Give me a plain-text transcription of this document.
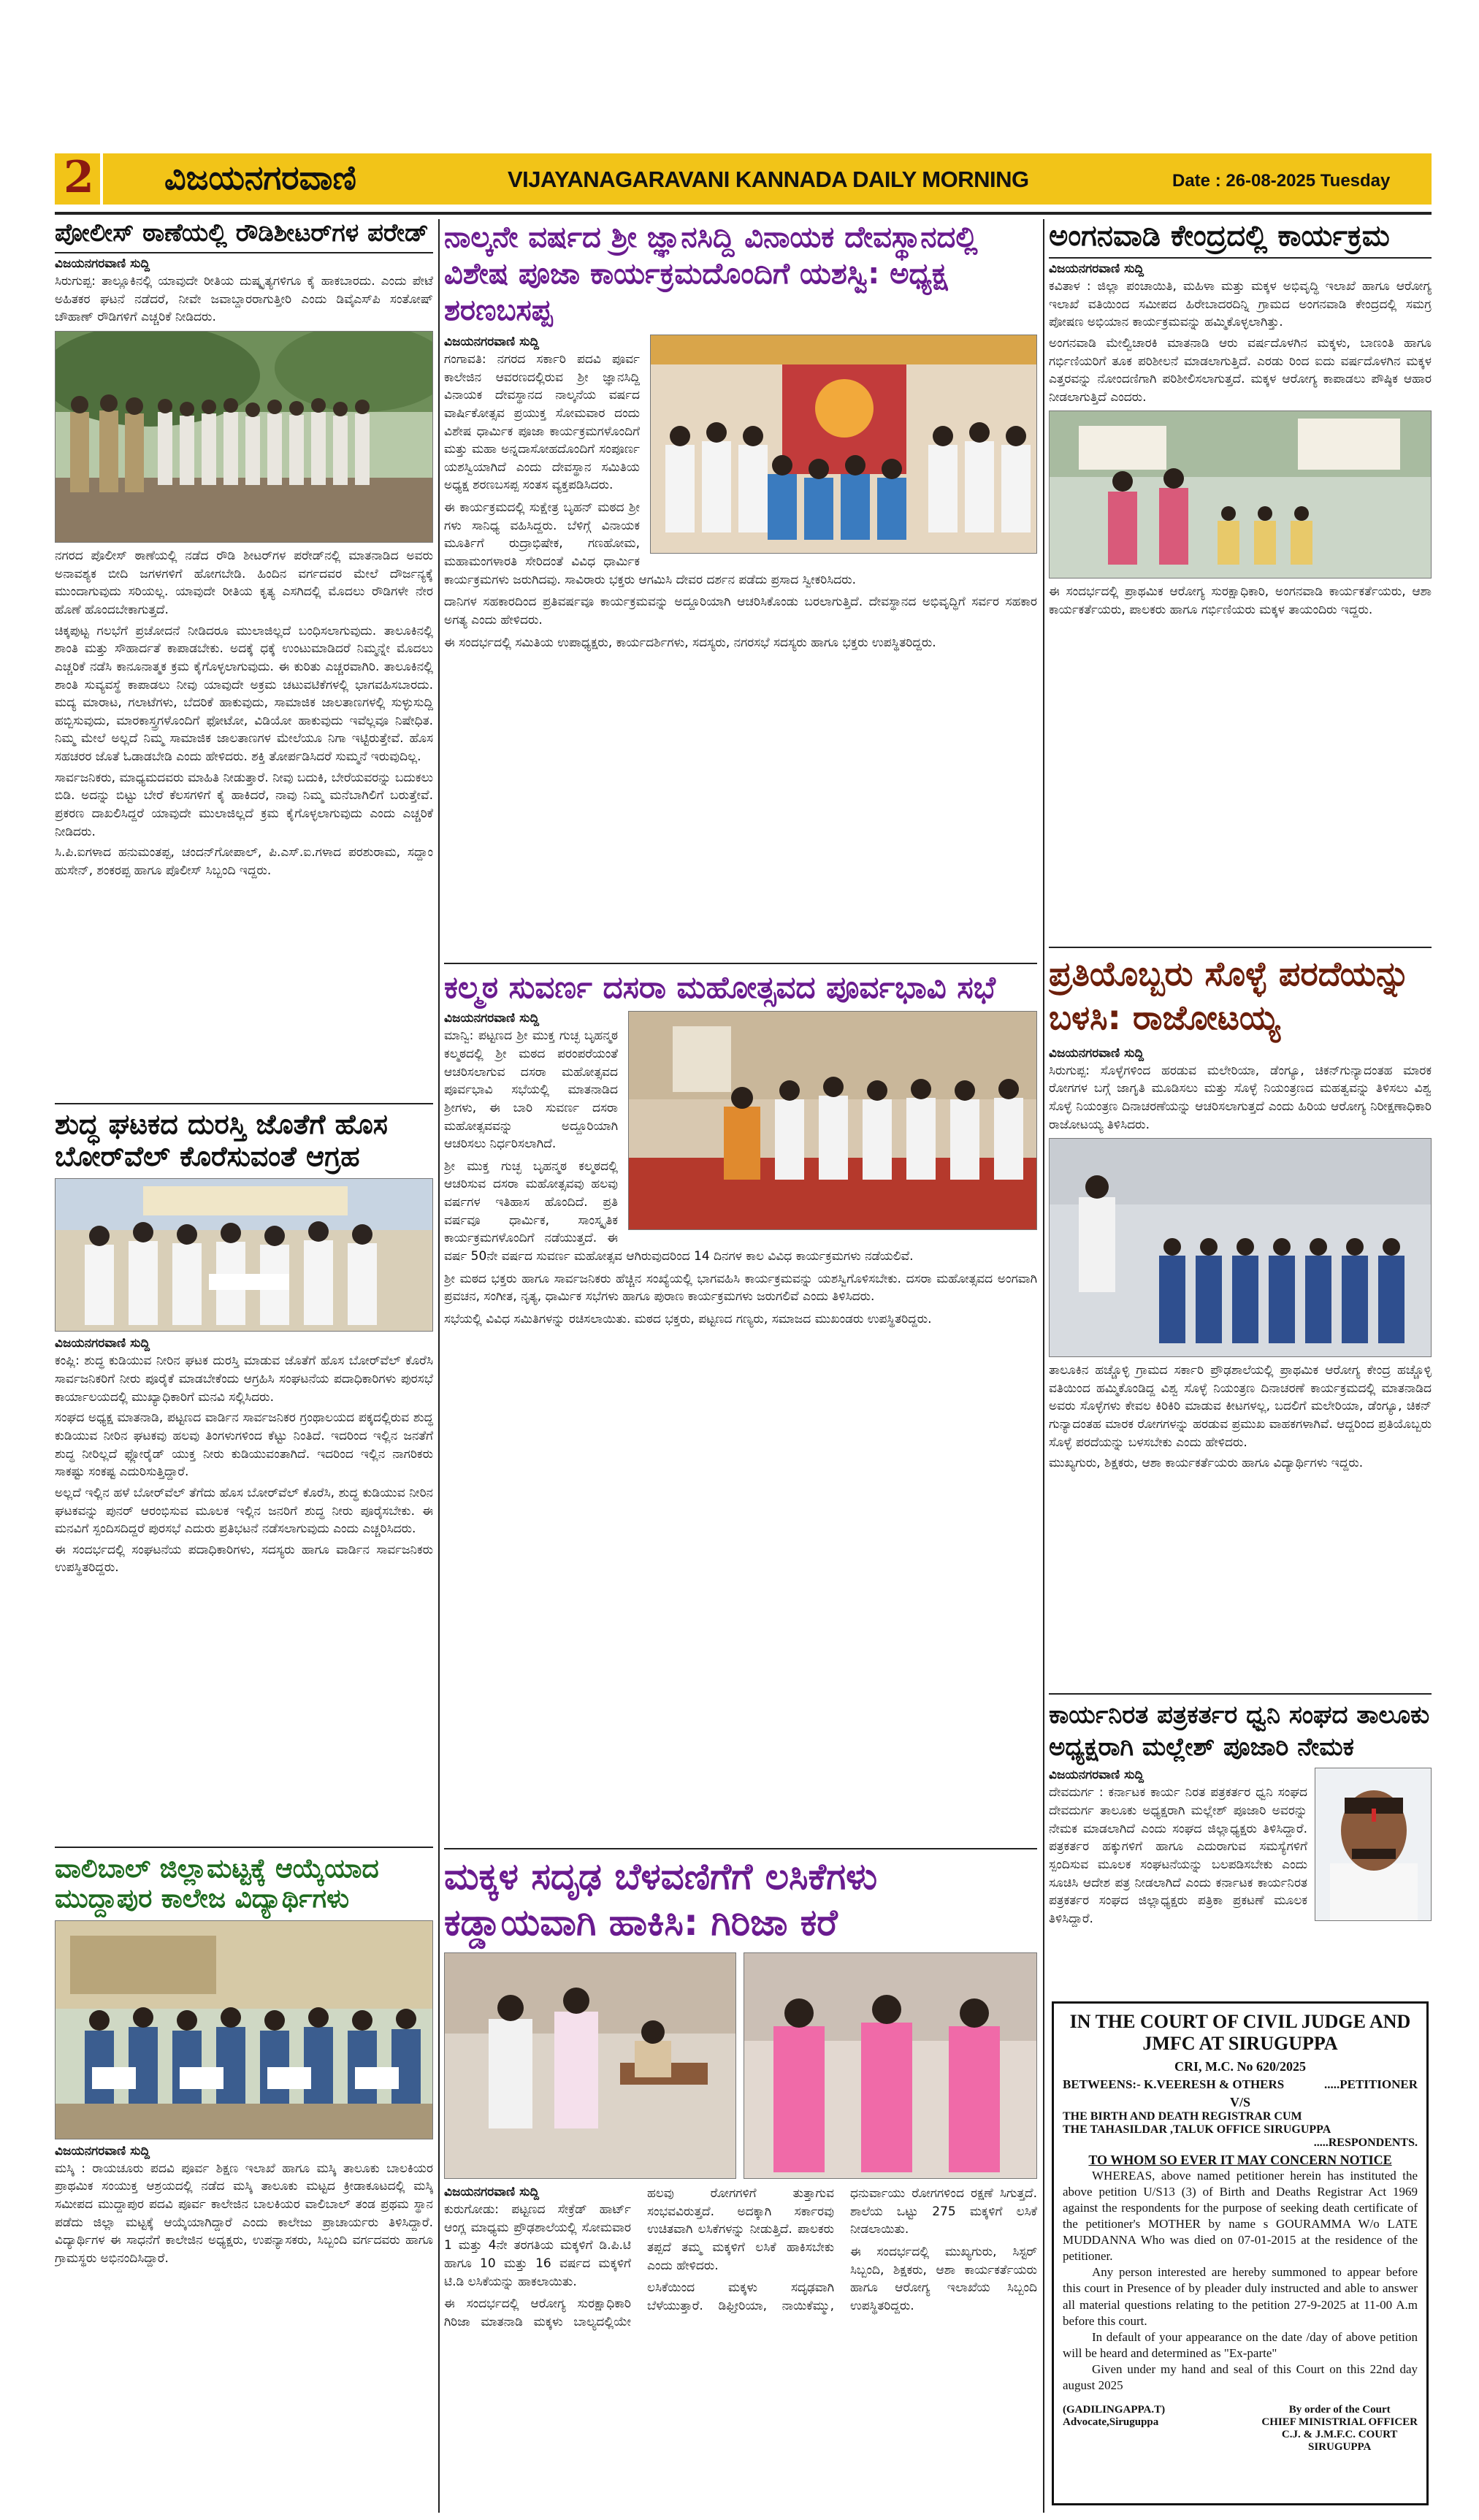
2 ವಿಜಯನಗರವಾಣಿ	VIJAYANAGARAVANI KANNADA DAILY MORNING	Date : 26-08-2025 Tuesday
ಪೋಲೀಸ್ ಠಾಣೆಯಲ್ಲಿ ರೌಡಿಶೀಟರ್‌ಗಳ ಪರೇಡ್
ವಿಜಯನಗರವಾಣಿ ಸುದ್ದಿ

ಸಿರುಗುಪ್ಪ: ತಾಲ್ಲೂಕಿನಲ್ಲಿ ಯಾವುದೇ ರೀತಿಯ ದುಷ್ಕೃತ್ಯಗಳಿಗೂ ಕೈ ಹಾಕಬಾರದು. ಎಂದು ಪೇಟೆ ಅಹಿತಕರ ಘಟನೆ ನಡೆದರೆ, ನೀವೇ ಜವಾಬ್ದಾರರಾಗುತ್ತೀರಿ ಎಂದು ಡಿವೈಎಸ್‌ಪಿ ಸಂತೋಷ್ ಚೌಹಾಣ್ ರೌಡಿಗಳಿಗೆ ಎಚ್ಚರಿಕೆ ನೀಡಿದರು.

ನಗರದ ಪೊಲೀಸ್ ಠಾಣೆಯಲ್ಲಿ ನಡೆದ ರೌಡಿ ಶೀಟರ್‌ಗಳ ಪರೇಡ್‌ನಲ್ಲಿ ಮಾತನಾಡಿದ ಅವರು ಅನಾವಶ್ಯಕ ಬೀದಿ ಜಗಳಗಳಿಗೆ ಹೋಗಬೇಡಿ. ಹಿಂದಿನ ವರ್ಗದವರ ಮೇಲೆ ದೌರ್ಜನ್ಯಕ್ಕೆ ಮುಂದಾಗುವುದು ಸರಿಯಲ್ಲ. ಯಾವುದೇ ರೀತಿಯ ಕೃತ್ಯ ಎಸಗಿದಲ್ಲಿ ಮೊದಲು ರೌಡಿಗಳೇ ನೇರ ಹೊಣೆ ಹೊಂದಬೇಕಾಗುತ್ತದೆ.

ಚಿಕ್ಕಪುಟ್ಟ ಗಲಭೆಗೆ ಪ್ರಚೋದನೆ ನೀಡಿದರೂ ಮುಲಾಜಿಲ್ಲದೆ ಬಂಧಿಸಲಾಗುವುದು. ತಾಲೂಕಿನಲ್ಲಿ ಶಾಂತಿ ಮತ್ತು ಸೌಹಾರ್ದತೆ ಕಾಪಾಡಬೇಕು. ಅದಕ್ಕೆ ಧಕ್ಕೆ ಉಂಟುಮಾಡಿದರೆ ನಿಮ್ಮನ್ನೇ ಮೊದಲು ಎಚ್ಚರಿಕೆ ನಡೆಸಿ ಕಾನೂನಾತ್ಮಕ ಕ್ರಮ ಕೈಗೊಳ್ಳಲಾಗುವುದು. ಈ ಕುರಿತು ಎಚ್ಚರವಾಗಿರಿ. ತಾಲೂಕಿನಲ್ಲಿ ಶಾಂತಿ ಸುವ್ಯವಸ್ಥೆ ಕಾಪಾಡಲು ನೀವು ಯಾವುದೇ ಅಕ್ರಮ ಚಟುವಟಿಕೆಗಳಲ್ಲಿ ಭಾಗವಹಿಸಬಾರದು. ಮದ್ಯ ಮಾರಾಟ, ಗಲಾಟೆಗಳು, ಬೆದರಿಕೆ ಹಾಕುವುದು, ಸಾಮಾಜಿಕ ಜಾಲತಾಣಗಳಲ್ಲಿ ಸುಳ್ಳುಸುದ್ದಿ ಹಬ್ಬಿಸುವುದು, ಮಾರಕಾಸ್ತ್ರಗಳೊಂದಿಗೆ ಫೋಟೋ, ವಿಡಿಯೋ ಹಾಕುವುದು ಇವೆಲ್ಲವೂ ನಿಷೇಧಿತ. ನಿಮ್ಮ ಮೇಲೆ ಅಲ್ಲದೆ ನಿಮ್ಮ ಸಾಮಾಜಿಕ ಜಾಲತಾಣಗಳ ಮೇಲೆಯೂ ನಿಗಾ ಇಟ್ಟಿರುತ್ತೇವೆ. ಹೊಸ ಸಹಚರರ ಜೊತೆ ಓಡಾಡಬೇಡಿ ಎಂದು ಹೇಳಿದರು. ಶಕ್ತಿ ತೋರ್ಪಡಿಸಿದರೆ ಸುಮ್ಮನೆ ಇರುವುದಿಲ್ಲ.

ಸಾರ್ವಜನಿಕರು, ಮಾಧ್ಯಮದವರು ಮಾಹಿತಿ ನೀಡುತ್ತಾರೆ. ನೀವು ಬದುಕಿ, ಬೇರೆಯವರನ್ನು ಬದುಕಲು ಬಿಡಿ. ಅದನ್ನು ಬಿಟ್ಟು ಬೇರೆ ಕೆಲಸಗಳಿಗೆ ಕೈ ಹಾಕಿದರೆ, ನಾವು ನಿಮ್ಮ ಮನೆಬಾಗಿಲಿಗೆ ಬರುತ್ತೇವೆ. ಪ್ರಕರಣ ದಾಖಲಿಸಿದ್ದರೆ ಯಾವುದೇ ಮುಲಾಜಿಲ್ಲದೆ ಕ್ರಮ ಕೈಗೊಳ್ಳಲಾಗುವುದು ಎಂದು ಎಚ್ಚರಿಕೆ ನೀಡಿದರು.

ಸಿ.ಪಿ.ಐಗಳಾದ ಹನುಮಂತಪ್ಪ, ಚಂದನ್‌ಗೋಪಾಲ್, ಪಿ.ಎಸ್.ಐ.ಗಳಾದ ಪರಶುರಾಮ, ಸದ್ದಾಂ ಹುಸೇನ್, ಶಂಕರಪ್ಪ ಹಾಗೂ ಪೊಲೀಸ್ ಸಿಬ್ಬಂದಿ ಇದ್ದರು.

ಶುದ್ಧ ಘಟಕದ ದುರಸ್ತಿ ಜೊತೆಗೆ ಹೊಸ ಬೋರ್‌ವೆಲ್ ಕೊರೆಸುವಂತೆ ಆಗ್ರಹ
ವಿಜಯನಗರವಾಣಿ ಸುದ್ದಿ

ಕಂಪ್ಲಿ: ಶುದ್ಧ ಕುಡಿಯುವ ನೀರಿನ ಘಟಕ ದುರಸ್ತಿ ಮಾಡುವ ಜೊತೆಗೆ ಹೊಸ ಬೋರ್‌ವೆಲ್ ಕೊರೆಸಿ ಸಾರ್ವಜನಿಕರಿಗೆ ನೀರು ಪೂರೈಕೆ ಮಾಡಬೇಕೆಂದು ಆಗ್ರಹಿಸಿ ಸಂಘಟನೆಯ ಪದಾಧಿಕಾರಿಗಳು ಪುರಸಭೆ ಕಾರ್ಯಾಲಯದಲ್ಲಿ ಮುಖ್ಯಾಧಿಕಾರಿಗೆ ಮನವಿ ಸಲ್ಲಿಸಿದರು.

ಸಂಘದ ಅಧ್ಯಕ್ಷ ಮಾತನಾಡಿ, ಪಟ್ಟಣದ ವಾರ್ಡಿನ ಸಾರ್ವಜನಿಕರ ಗ್ರಂಥಾಲಯದ ಪಕ್ಕದಲ್ಲಿರುವ ಶುದ್ಧ ಕುಡಿಯುವ ನೀರಿನ ಘಟಕವು ಹಲವು ತಿಂಗಳುಗಳಿಂದ ಕೆಟ್ಟು ನಿಂತಿದೆ. ಇದರಿಂದ ಇಲ್ಲಿನ ಜನತೆಗೆ ಶುದ್ಧ ನೀರಿಲ್ಲದೆ ಫ್ಲೋರೈಡ್ ಯುಕ್ತ ನೀರು ಕುಡಿಯುವಂತಾಗಿದೆ. ಇದರಿಂದ ಇಲ್ಲಿನ ನಾಗರಿಕರು ಸಾಕಷ್ಟು ಸಂಕಷ್ಟ ಎದುರಿಸುತ್ತಿದ್ದಾರೆ.

ಅಲ್ಲದೆ ಇಲ್ಲಿನ ಹಳೆ ಬೋರ್‌ವೆಲ್ ತೆಗೆದು ಹೊಸ ಬೋರ್‌ವೆಲ್ ಕೊರೆಸಿ, ಶುದ್ಧ ಕುಡಿಯುವ ನೀರಿನ ಘಟಕವನ್ನು ಪುನರ್ ಆರಂಭಿಸುವ ಮೂಲಕ ಇಲ್ಲಿನ ಜನರಿಗೆ ಶುದ್ಧ ನೀರು ಪೂರೈಸಬೇಕು. ಈ ಮನವಿಗೆ ಸ್ಪಂದಿಸದಿದ್ದರೆ ಪುರಸಭೆ ಎದುರು ಪ್ರತಿಭಟನೆ ನಡೆಸಲಾಗುವುದು ಎಂದು ಎಚ್ಚರಿಸಿದರು.

ಈ ಸಂದರ್ಭದಲ್ಲಿ ಸಂಘಟನೆಯ ಪದಾಧಿಕಾರಿಗಳು, ಸದಸ್ಯರು ಹಾಗೂ ವಾರ್ಡಿನ ಸಾರ್ವಜನಿಕರು ಉಪಸ್ಥಿತರಿದ್ದರು.

ವಾಲಿಬಾಲ್ ಜಿಲ್ಲಾಮಟ್ಟಕ್ಕೆ ಆಯ್ಕೆಯಾದ ಮುದ್ದಾಪುರ ಕಾಲೇಜ ವಿದ್ಯಾರ್ಥಿಗಳು
ವಿಜಯನಗರವಾಣಿ ಸುದ್ದಿ

ಮಸ್ಕಿ : ರಾಯಚೂರು ಪದವಿ ಪೂರ್ವ ಶಿಕ್ಷಣ ಇಲಾಖೆ ಹಾಗೂ ಮಸ್ಕಿ ತಾಲೂಕು ಬಾಲಕಿಯರ ಪ್ರಾಥಮಿಕ ಸಂಯುಕ್ತ ಆಶ್ರಯದಲ್ಲಿ ನಡೆದ ಮಸ್ಕಿ ತಾಲೂಕು ಮಟ್ಟದ ಕ್ರೀಡಾಕೂಟದಲ್ಲಿ ಮಸ್ಕಿ ಸಮೀಪದ ಮುದ್ದಾಪುರ ಪದವಿ ಪೂರ್ವ ಕಾಲೇಜಿನ ಬಾಲಕಿಯರ ವಾಲಿಬಾಲ್ ತಂಡ ಪ್ರಥಮ ಸ್ಥಾನ ಪಡೆದು ಜಿಲ್ಲಾ ಮಟ್ಟಕ್ಕೆ ಆಯ್ಕೆಯಾಗಿದ್ದಾರೆ ಎಂದು ಕಾಲೇಜು ಪ್ರಾಚಾರ್ಯರು ತಿಳಿಸಿದ್ದಾರೆ. ವಿದ್ಯಾರ್ಥಿಗಳ ಈ ಸಾಧನೆಗೆ ಕಾಲೇಜಿನ ಅಧ್ಯಕ್ಷರು, ಉಪನ್ಯಾಸಕರು, ಸಿಬ್ಬಂದಿ ವರ್ಗದವರು ಹಾಗೂ ಗ್ರಾಮಸ್ಥರು ಅಭಿನಂದಿಸಿದ್ದಾರೆ.

ನಾಲ್ಕನೇ ವರ್ಷದ ಶ್ರೀ ಜ್ಞಾನಸಿದ್ದಿ ವಿನಾಯಕ ದೇವಸ್ಥಾನದಲ್ಲಿ ವಿಶೇಷ ಪೂಜಾ ಕಾರ್ಯಕ್ರಮದೊಂದಿಗೆ ಯಶಸ್ವಿ: ಅಧ್ಯಕ್ಷ ಶರಣಬಸಪ್ಪ
ವಿಜಯನಗರವಾಣಿ ಸುದ್ದಿ

ಗಂಗಾವತಿ: ನಗರದ ಸರ್ಕಾರಿ ಪದವಿ ಪೂರ್ವ ಕಾಲೇಜಿನ ಆವರಣದಲ್ಲಿರುವ ಶ್ರೀ ಜ್ಞಾನಸಿದ್ದಿ ವಿನಾಯಕ ದೇವಸ್ಥಾನದ ನಾಲ್ಕನೆಯ ವರ್ಷದ ವಾರ್ಷಿಕೋತ್ಸವ ಪ್ರಯುಕ್ತ ಸೋಮವಾರ ದಂದು ವಿಶೇಷ ಧಾರ್ಮಿಕ ಪೂಜಾ ಕಾರ್ಯಕ್ರಮಗಳೊಂದಿಗೆ ಮತ್ತು ಮಹಾ ಅನ್ನದಾಸೋಹದೊಂದಿಗೆ ಸಂಪೂರ್ಣ ಯಶಸ್ವಿಯಾಗಿದೆ ಎಂದು ದೇವಸ್ಥಾನ ಸಮಿತಿಯ ಅಧ್ಯಕ್ಷ ಶರಣಬಸಪ್ಪ ಸಂತಸ ವ್ಯಕ್ತಪಡಿಸಿದರು.

ಈ ಕಾರ್ಯಕ್ರಮದಲ್ಲಿ ಸುಕ್ಷೇತ್ರ ಬೃಹನ್ ಮಠದ ಶ್ರೀ ಗಳು ಸಾನಿಧ್ಯ ವಹಿಸಿದ್ದರು. ಬೆಳಿಗ್ಗೆ ವಿನಾಯಕ ಮೂರ್ತಿಗೆ ರುದ್ರಾಭಿಷೇಕ, ಗಣಹೋಮ, ಮಹಾಮಂಗಳಾರತಿ ಸೇರಿದಂತೆ ವಿವಿಧ ಧಾರ್ಮಿಕ ಕಾರ್ಯಕ್ರಮಗಳು ಜರುಗಿದವು. ಸಾವಿರಾರು ಭಕ್ತರು ಆಗಮಿಸಿ ದೇವರ ದರ್ಶನ ಪಡೆದು ಪ್ರಸಾದ ಸ್ವೀಕರಿಸಿದರು.

ದಾನಿಗಳ ಸಹಕಾರದಿಂದ ಪ್ರತಿವರ್ಷವೂ ಕಾರ್ಯಕ್ರಮವನ್ನು ಅದ್ದೂರಿಯಾಗಿ ಆಚರಿಸಿಕೊಂಡು ಬರಲಾಗುತ್ತಿದೆ. ದೇವಸ್ಥಾನದ ಅಭಿವೃದ್ಧಿಗೆ ಸರ್ವರ ಸಹಕಾರ ಅಗತ್ಯ ಎಂದು ಹೇಳಿದರು.

ಈ ಸಂದರ್ಭದಲ್ಲಿ ಸಮಿತಿಯ ಉಪಾಧ್ಯಕ್ಷರು, ಕಾರ್ಯದರ್ಶಿಗಳು, ಸದಸ್ಯರು, ನಗರಸಭೆ ಸದಸ್ಯರು ಹಾಗೂ ಭಕ್ತರು ಉಪಸ್ಥಿತರಿದ್ದರು.

ಕಲ್ಮಠ ಸುವರ್ಣ ದಸರಾ ಮಹೋತ್ಸವದ ಪೂರ್ವಭಾವಿ ಸಭೆ
ವಿಜಯನಗರವಾಣಿ ಸುದ್ದಿ

ಮಾನ್ವಿ: ಪಟ್ಟಣದ ಶ್ರೀ ಮುಕ್ತ ಗುಚ್ಛ ಬೃಹನ್ಮಠ ಕಲ್ಮಠದಲ್ಲಿ ಶ್ರೀ ಮಠದ ಪರಂಪರೆಯಂತೆ ಆಚರಿಸಲಾಗುವ ದಸರಾ ಮಹೋತ್ಸವದ ಪೂರ್ವಭಾವಿ ಸಭೆಯಲ್ಲಿ ಮಾತನಾಡಿದ ಶ್ರೀಗಳು, ಈ ಬಾರಿ ಸುವರ್ಣ ದಸರಾ ಮಹೋತ್ಸವವನ್ನು ಅದ್ದೂರಿಯಾಗಿ ಆಚರಿಸಲು ನಿರ್ಧರಿಸಲಾಗಿದೆ.

ಶ್ರೀ ಮುಕ್ತ ಗುಚ್ಛ ಬೃಹನ್ಮಠ ಕಲ್ಮಠದಲ್ಲಿ ಆಚರಿಸುವ ದಸರಾ ಮಹೋತ್ಸವವು ಹಲವು ವರ್ಷಗಳ ಇತಿಹಾಸ ಹೊಂದಿದೆ. ಪ್ರತಿ ವರ್ಷವೂ ಧಾರ್ಮಿಕ, ಸಾಂಸ್ಕೃತಿಕ ಕಾರ್ಯಕ್ರಮಗಳೊಂದಿಗೆ ನಡೆಯುತ್ತದೆ. ಈ ವರ್ಷ 50ನೇ ವರ್ಷದ ಸುವರ್ಣ ಮಹೋತ್ಸವ ಆಗಿರುವುದರಿಂದ 14 ದಿನಗಳ ಕಾಲ ವಿವಿಧ ಕಾರ್ಯಕ್ರಮಗಳು ನಡೆಯಲಿವೆ.

ಶ್ರೀ ಮಠದ ಭಕ್ತರು ಹಾಗೂ ಸಾರ್ವಜನಿಕರು ಹೆಚ್ಚಿನ ಸಂಖ್ಯೆಯಲ್ಲಿ ಭಾಗವಹಿಸಿ ಕಾರ್ಯಕ್ರಮವನ್ನು ಯಶಸ್ವಿಗೊಳಿಸಬೇಕು. ದಸರಾ ಮಹೋತ್ಸವದ ಅಂಗವಾಗಿ ಪ್ರವಚನ, ಸಂಗೀತ, ನೃತ್ಯ, ಧಾರ್ಮಿಕ ಸಭೆಗಳು ಹಾಗೂ ಪುರಾಣ ಕಾರ್ಯಕ್ರಮಗಳು ಜರುಗಲಿವೆ ಎಂದು ತಿಳಿಸಿದರು.

ಸಭೆಯಲ್ಲಿ ವಿವಿಧ ಸಮಿತಿಗಳನ್ನು ರಚಿಸಲಾಯಿತು. ಮಠದ ಭಕ್ತರು, ಪಟ್ಟಣದ ಗಣ್ಯರು, ಸಮಾಜದ ಮುಖಂಡರು ಉಪಸ್ಥಿತರಿದ್ದರು.

ಮಕ್ಕಳ ಸದೃಢ ಬೆಳವಣಿಗೆಗೆ ಲಸಿಕೆಗಳು ಕಡ್ಡಾಯವಾಗಿ ಹಾಕಿಸಿ: ಗಿರಿಜಾ ಕರೆ
ವಿಜಯನಗರವಾಣಿ ಸುದ್ದಿ

ಕುರುಗೋಡು: ಪಟ್ಟಣದ ಸೇಕ್ರೆಡ್ ಹಾರ್ಟ್ ಆಂಗ್ಲ ಮಾಧ್ಯಮ ಪ್ರೌಢಶಾಲೆಯಲ್ಲಿ ಸೋಮವಾರ 1 ಮತ್ತು 4ನೇ ತರಗತಿಯ ಮಕ್ಕಳಿಗೆ ಡಿ.ಪಿ.ಟಿ ಹಾಗೂ 10 ಮತ್ತು 16 ವರ್ಷದ ಮಕ್ಕಳಿಗೆ ಟಿ.ಡಿ ಲಸಿಕೆಯನ್ನು ಹಾಕಲಾಯಿತು.

ಈ ಸಂದರ್ಭದಲ್ಲಿ ಆರೋಗ್ಯ ಸುರಕ್ಷಾಧಿಕಾರಿ ಗಿರಿಜಾ ಮಾತನಾಡಿ ಮಕ್ಕಳು ಬಾಲ್ಯದಲ್ಲಿಯೇ ಹಲವು ರೋಗಗಳಿಗೆ ತುತ್ತಾಗುವ ಸಂಭವವಿರುತ್ತದೆ. ಅದಕ್ಕಾಗಿ ಸರ್ಕಾರವು ಉಚಿತವಾಗಿ ಲಸಿಕೆಗಳನ್ನು ನೀಡುತ್ತಿದೆ. ಪಾಲಕರು ತಪ್ಪದೆ ತಮ್ಮ ಮಕ್ಕಳಿಗೆ ಲಸಿಕೆ ಹಾಕಿಸಬೇಕು ಎಂದು ಹೇಳಿದರು.

ಲಸಿಕೆಯಿಂದ ಮಕ್ಕಳು ಸದೃಢವಾಗಿ ಬೆಳೆಯುತ್ತಾರೆ. ಡಿಫ್ತೀರಿಯಾ, ನಾಯಿಕೆಮ್ಮು, ಧನುರ್ವಾಯು ರೋಗಗಳಿಂದ ರಕ್ಷಣೆ ಸಿಗುತ್ತದೆ. ಶಾಲೆಯ ಒಟ್ಟು 275 ಮಕ್ಕಳಿಗೆ ಲಸಿಕೆ ನೀಡಲಾಯಿತು.

ಈ ಸಂದರ್ಭದಲ್ಲಿ ಮುಖ್ಯಗುರು, ಸಿಸ್ಟರ್ ಸಿಬ್ಬಂದಿ, ಶಿಕ್ಷಕರು, ಆಶಾ ಕಾರ್ಯಕರ್ತೆಯರು ಹಾಗೂ ಆರೋಗ್ಯ ಇಲಾಖೆಯ ಸಿಬ್ಬಂದಿ ಉಪಸ್ಥಿತರಿದ್ದರು.

ಅಂಗನವಾಡಿ ಕೇಂದ್ರದಲ್ಲಿ ಕಾರ್ಯಕ್ರಮ
ವಿಜಯನಗರವಾಣಿ ಸುದ್ದಿ

ಕವಿತಾಳ : ಜಿಲ್ಲಾ ಪಂಚಾಯಿತಿ, ಮಹಿಳಾ ಮತ್ತು ಮಕ್ಕಳ ಅಭಿವೃದ್ಧಿ ಇಲಾಖೆ ಹಾಗೂ ಆರೋಗ್ಯ ಇಲಾಖೆ ವತಿಯಿಂದ ಸಮೀಪದ ಹಿರೇಬಾದರದಿನ್ನಿ ಗ್ರಾಮದ ಅಂಗನವಾಡಿ ಕೇಂದ್ರದಲ್ಲಿ ಸಮಗ್ರ ಪೋಷಣ ಅಭಿಯಾನ ಕಾರ್ಯಕ್ರಮವನ್ನು ಹಮ್ಮಿಕೊಳ್ಳಲಾಗಿತ್ತು.

ಅಂಗನವಾಡಿ ಮೇಲ್ವಿಚಾರಕಿ ಮಾತನಾಡಿ ಆರು ವರ್ಷದೊಳಗಿನ ಮಕ್ಕಳು, ಬಾಣಂತಿ ಹಾಗೂ ಗರ್ಭಿಣಿಯರಿಗೆ ತೂಕ ಪರಿಶೀಲನೆ ಮಾಡಲಾಗುತ್ತಿದೆ. ಎರಡು ರಿಂದ ಐದು ವರ್ಷದೊಳಗಿನ ಮಕ್ಕಳ ಎತ್ತರವನ್ನು ನೋಂದಣಿಗಾಗಿ ಪರಿಶೀಲಿಸಲಾಗುತ್ತದೆ. ಮಕ್ಕಳ ಆರೋಗ್ಯ ಕಾಪಾಡಲು ಪೌಷ್ಠಿಕ ಆಹಾರ ನೀಡಲಾಗುತ್ತಿದೆ ಎಂದರು.

ಈ ಸಂದರ್ಭದಲ್ಲಿ ಪ್ರಾಥಮಿಕ ಆರೋಗ್ಯ ಸುರಕ್ಷಾಧಿಕಾರಿ, ಅಂಗನವಾಡಿ ಕಾರ್ಯಕರ್ತೆಯರು, ಆಶಾ ಕಾರ್ಯಕರ್ತೆಯರು, ಪಾಲಕರು ಹಾಗೂ ಗರ್ಭಿಣಿಯರು ಮಕ್ಕಳ ತಾಯಂದಿರು ಇದ್ದರು.

ಪ್ರತಿಯೊಬ್ಬರು ಸೊಳ್ಳೆ ಪರದೆಯನ್ನು ಬಳಸಿ: ರಾಜೋಟಯ್ಯ
ವಿಜಯನಗರವಾಣಿ ಸುದ್ದಿ

ಸಿರುಗುಪ್ಪ: ಸೊಳ್ಳೆಗಳಿಂದ ಹರಡುವ ಮಲೇರಿಯಾ, ಡೆಂಗ್ಯೂ, ಚಿಕನ್‌ಗುನ್ಯಾದಂತಹ ಮಾರಕ ರೋಗಗಳ ಬಗ್ಗೆ ಜಾಗೃತಿ ಮೂಡಿಸಲು ಮತ್ತು ಸೊಳ್ಳೆ ನಿಯಂತ್ರಣದ ಮಹತ್ವವನ್ನು ತಿಳಿಸಲು ವಿಶ್ವ ಸೊಳ್ಳೆ ನಿಯಂತ್ರಣ ದಿನಾಚರಣೆಯನ್ನು ಆಚರಿಸಲಾಗುತ್ತದೆ ಎಂದು ಹಿರಿಯ ಆರೋಗ್ಯ ನಿರೀಕ್ಷಣಾಧಿಕಾರಿ ರಾಜೋಟಯ್ಯ ತಿಳಿಸಿದರು.

ತಾಲೂಕಿನ ಹಚ್ಚೊಳ್ಳಿ ಗ್ರಾಮದ ಸರ್ಕಾರಿ ಪ್ರೌಢಶಾಲೆಯಲ್ಲಿ ಪ್ರಾಥಮಿಕ ಆರೋಗ್ಯ ಕೇಂದ್ರ ಹಚ್ಚೊಳ್ಳಿ ವತಿಯಿಂದ ಹಮ್ಮಿಕೊಂಡಿದ್ದ ವಿಶ್ವ ಸೊಳ್ಳೆ ನಿಯಂತ್ರಣ ದಿನಾಚರಣೆ ಕಾರ್ಯಕ್ರಮದಲ್ಲಿ ಮಾತನಾಡಿದ ಅವರು ಸೊಳ್ಳೆಗಳು ಕೇವಲ ಕಿರಿಕಿರಿ ಮಾಡುವ ಕೀಟಗಳಲ್ಲ, ಬದಲಿಗೆ ಮಲೇರಿಯಾ, ಡೆಂಗ್ಯೂ, ಚಿಕನ್ ಗುನ್ಯಾದಂತಹ ಮಾರಕ ರೋಗಗಳನ್ನು ಹರಡುವ ಪ್ರಮುಖ ವಾಹಕಗಳಾಗಿವೆ. ಆದ್ದರಿಂದ ಪ್ರತಿಯೊಬ್ಬರು ಸೊಳ್ಳೆ ಪರದೆಯನ್ನು ಬಳಸಬೇಕು ಎಂದು ಹೇಳಿದರು.

ಮುಖ್ಯಗುರು, ಶಿಕ್ಷಕರು, ಆಶಾ ಕಾರ್ಯಕರ್ತೆಯರು ಹಾಗೂ ವಿದ್ಯಾರ್ಥಿಗಳು ಇದ್ದರು.

ಕಾರ್ಯನಿರತ ಪತ್ರಕರ್ತರ ಧ್ವನಿ ಸಂಘದ ತಾಲೂಕು ಅಧ್ಯಕ್ಷರಾಗಿ ಮಲ್ಲೇಶ್ ಪೂಜಾರಿ ನೇಮಕ
ವಿಜಯನಗರವಾಣಿ ಸುದ್ದಿ

ದೇವದುರ್ಗ : ಕರ್ನಾಟಕ ಕಾರ್ಯ ನಿರತ ಪತ್ರಕರ್ತರ ಧ್ವನಿ ಸಂಘದ ದೇವದುರ್ಗ ತಾಲೂಕು ಅಧ್ಯಕ್ಷರಾಗಿ ಮಲ್ಲೇಶ್ ಪೂಜಾರಿ ಅವರನ್ನು ನೇಮಕ ಮಾಡಲಾಗಿದೆ ಎಂದು ಸಂಘದ ಜಿಲ್ಲಾಧ್ಯಕ್ಷರು ತಿಳಿಸಿದ್ದಾರೆ. ಪತ್ರಕರ್ತರ ಹಕ್ಕುಗಳಿಗೆ ಹಾಗೂ ಎದುರಾಗುವ ಸಮಸ್ಯೆಗಳಿಗೆ ಸ್ಪಂದಿಸುವ ಮೂಲಕ ಸಂಘಟನೆಯನ್ನು ಬಲಪಡಿಸಬೇಕು ಎಂದು ಸೂಚಿಸಿ ಆದೇಶ ಪತ್ರ ನೀಡಲಾಗಿದೆ ಎಂದು ಕರ್ನಾಟಕ ಕಾರ್ಯನಿರತ ಪತ್ರಕರ್ತರ ಸಂಘದ ಜಿಲ್ಲಾಧ್ಯಕ್ಷರು ಪತ್ರಿಕಾ ಪ್ರಕಟಣೆ ಮೂಲಕ ತಿಳಿಸಿದ್ದಾರೆ.

IN THE COURT OF CIVIL JUDGE AND JMFC AT SIRUGUPPA

CRI, M.C. No 620/2025

BETWEENS:- K.VEERESH & OTHERS	.....PETITIONER

V/S

THE BIRTH AND DEATH REGISTRAR CUM

THE TAHASILDAR ,TALUK OFFICE SIRUGUPPA

.....RESPONDENTS.

TO WHOM SO EVER IT MAY CONCERN NOTICE

WHEREAS, above named petitioner herein has instituted the above petition U/S13 (3) of Birth and Deaths Registrar Act 1969 against the respondents for the purpose of seeking death certificate of the petitioner's MOTHER by name s GOURAMMA W/o LATE MUDDANNA Who was died on 07-01-2015 at the residence of the petitioner.

Any person interested are hereby summoned to appear before this court in Presence of by pleader duly instructed and able to answer all material questions relating to the petition 27-9-2025 at 11-00 A.m before this court.

In default of your appearance on the date /day of above petition will be heard and determined as "Ex-parte"

Given under my hand and seal of this Court on this 22nd day august 2025

(GADILINGAPPA.T)
Advocate,Siruguppa
By order of the Court
CHIEF MINISTRIAL OFFICER
C.J. & J.M.F.C. COURT
SIRUGUPPA
